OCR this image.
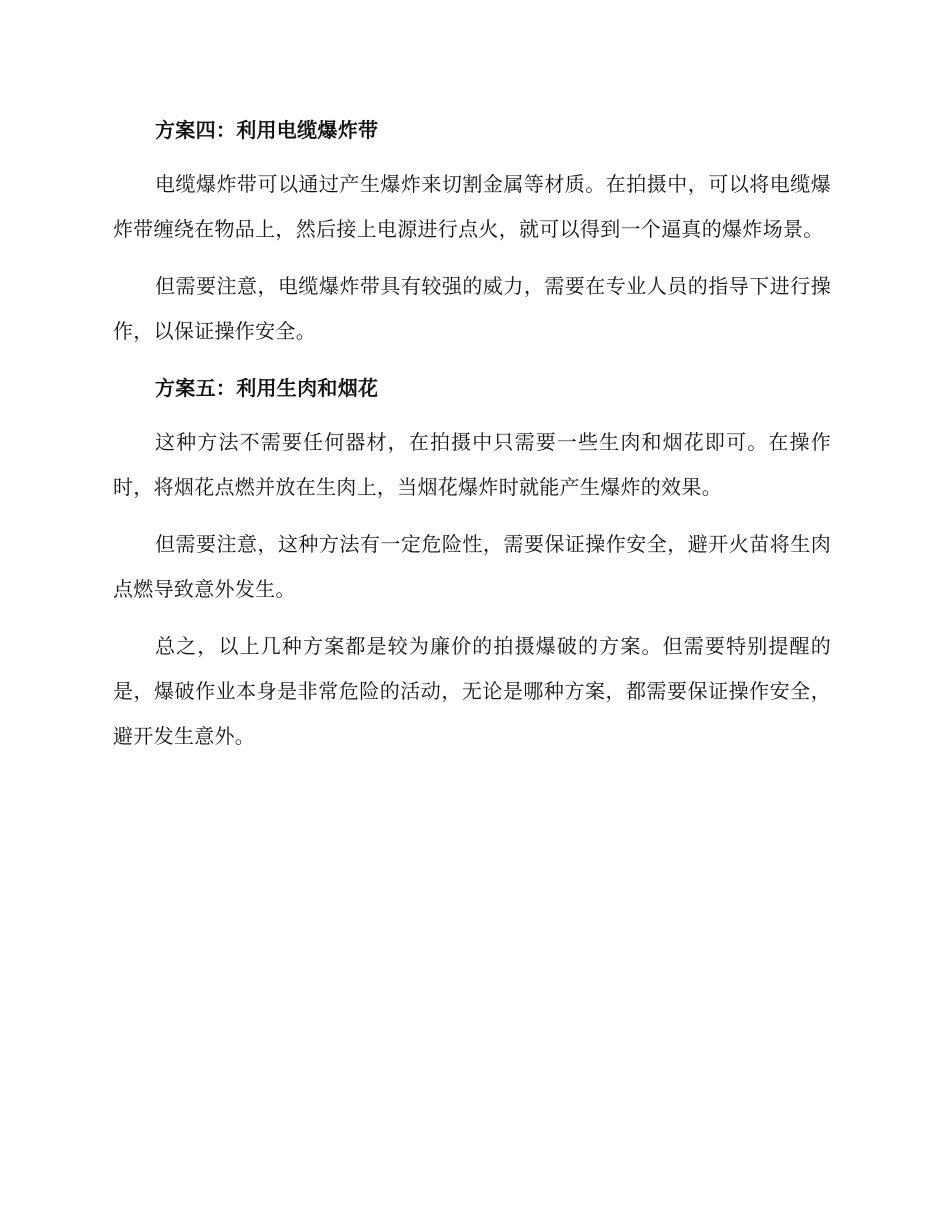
方案四：利用电缆爆炸带

电缆爆炸带可以通过产生爆炸来切割金属等材质。在拍摄中，可以将电缆爆炸带缠绕在物品上，然后接上电源进行点火，就可以得到一个逼真的爆炸场景。

但需要注意，电缆爆炸带具有较强的威力，需要在专业人员的指导下进行操作，以保证操作安全。

方案五：利用生肉和烟花

这种方法不需要任何器材，在拍摄中只需要一些生肉和烟花即可。在操作时，将烟花点燃并放在生肉上，当烟花爆炸时就能产生爆炸的效果。

但需要注意，这种方法有一定危险性，需要保证操作安全，避开火苗将生肉点燃导致意外发生。

总之，以上几种方案都是较为廉价的拍摄爆破的方案。但需要特别提醒的是，爆破作业本身是非常危险的活动，无论是哪种方案，都需要保证操作安全，避开发生意外。
